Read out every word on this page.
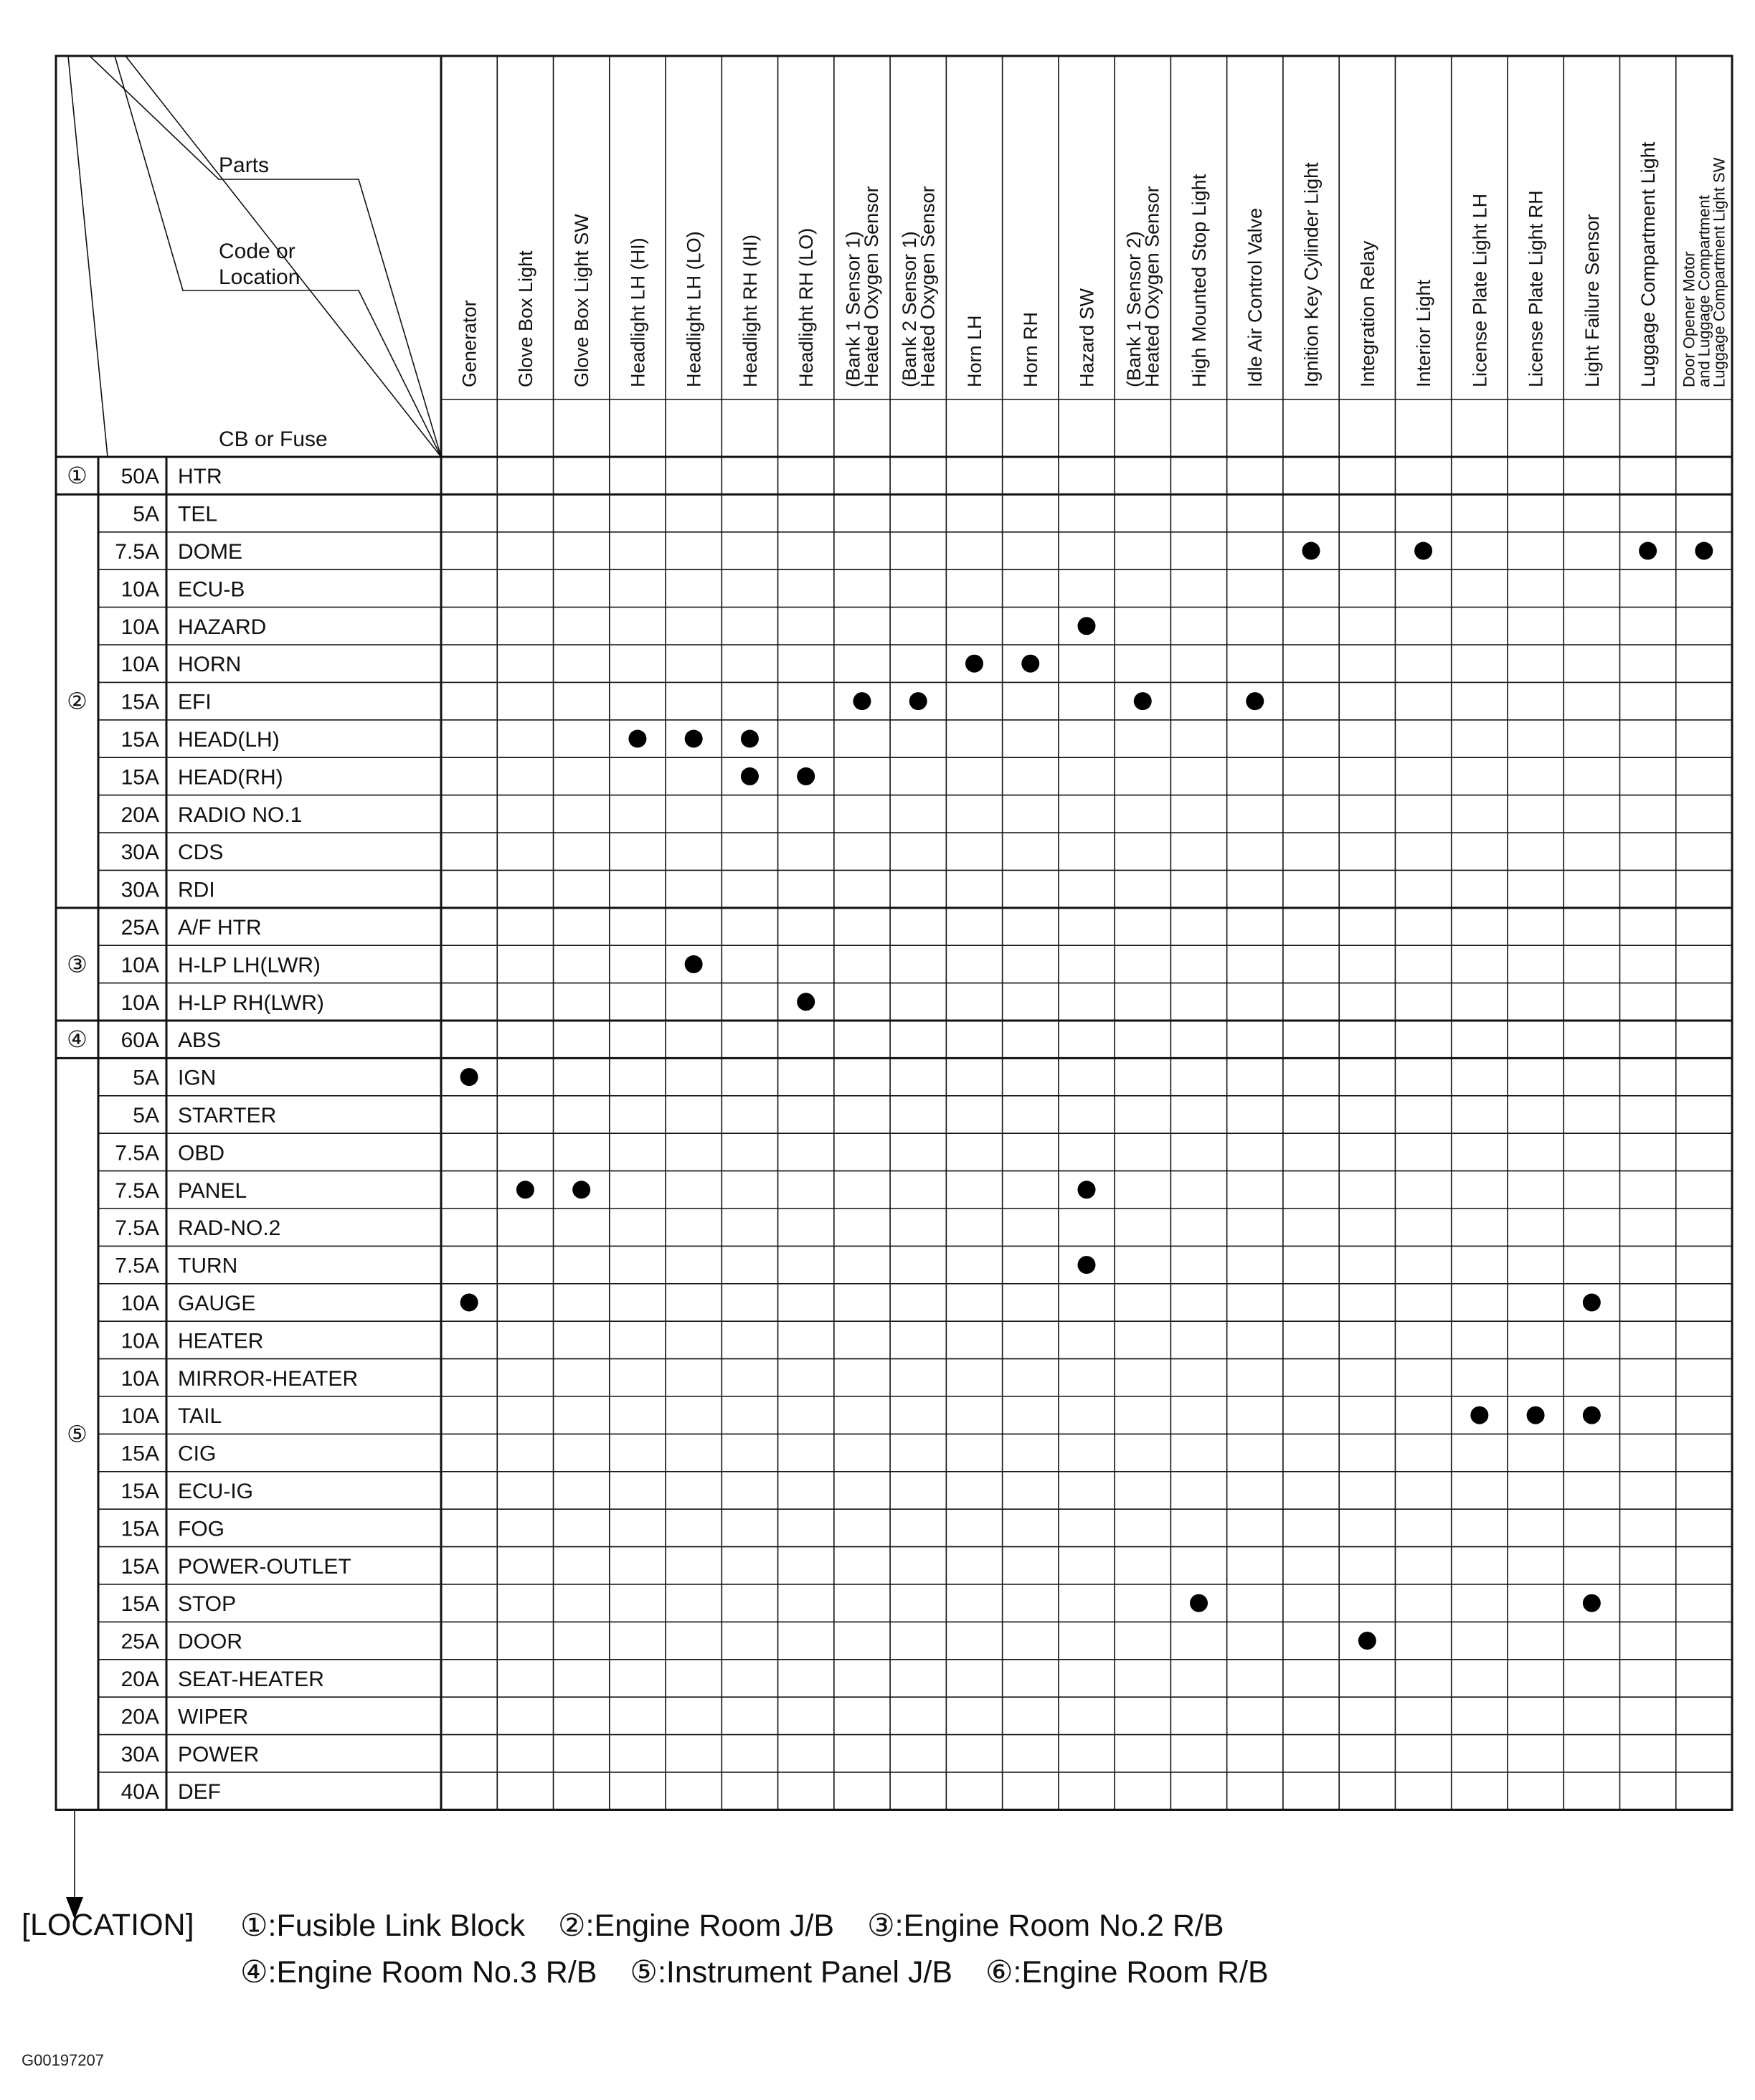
Parts
Code or
Location
CB or Fuse
Generator Glove Box Light Glove Box Light SW Headlight LH (HI) Headlight LH (LO) Headlight RH (HI) Headlight RH (LO) Heated Oxygen Sensor
(Bank 1 Sensor 1)	Heated Oxygen Sensor
(Bank 2 Sensor 1) Horn LH Horn RH Hazard SW Heated Oxygen Sensor
(Bank 1 Sensor 2) High Mounted Stop Light Idle Air Control Valve Ignition Key Cylinder Light Integration Relay Interior Light License Plate Light LH License Plate Light RH Light Failure Sensor Luggage Compartment Light	Luggage Compartment Light SW
and Luggage Compartment
Door Opener Motor
50A HTR
5A TEL
7.5A DOME
10A ECU-B
10A HAZARD
10A HORN
15A EFI
15A HEAD(LH)
15A HEAD(RH)
20A RADIO NO.1
30A CDS
30A RDI
25A A/F HTR
10A H-LP LH(LWR)
10A H-LP RH(LWR)
60A ABS
5A IGN
5A STARTER
7.5A OBD
7.5A PANEL
7.5A RAD-NO.2
7.5A TURN
10A GAUGE
10A HEATER
10A MIRROR-HEATER
10A TAIL
15A CIG
15A ECU-IG
15A FOG
15A POWER-OUTLET
15A STOP
25A DOOR
20A SEAT-HEATER
20A WIPER
30A POWER
40A DEF
①
②
③
④
⑤
[LOCATION] ①:Fusible Link Block ②:Engine Room J/B ③:Engine Room No.2 R/B
④:Engine Room No.3 R/B ⑤:Instrument Panel J/B ⑥:Engine Room R/B
G00197207
